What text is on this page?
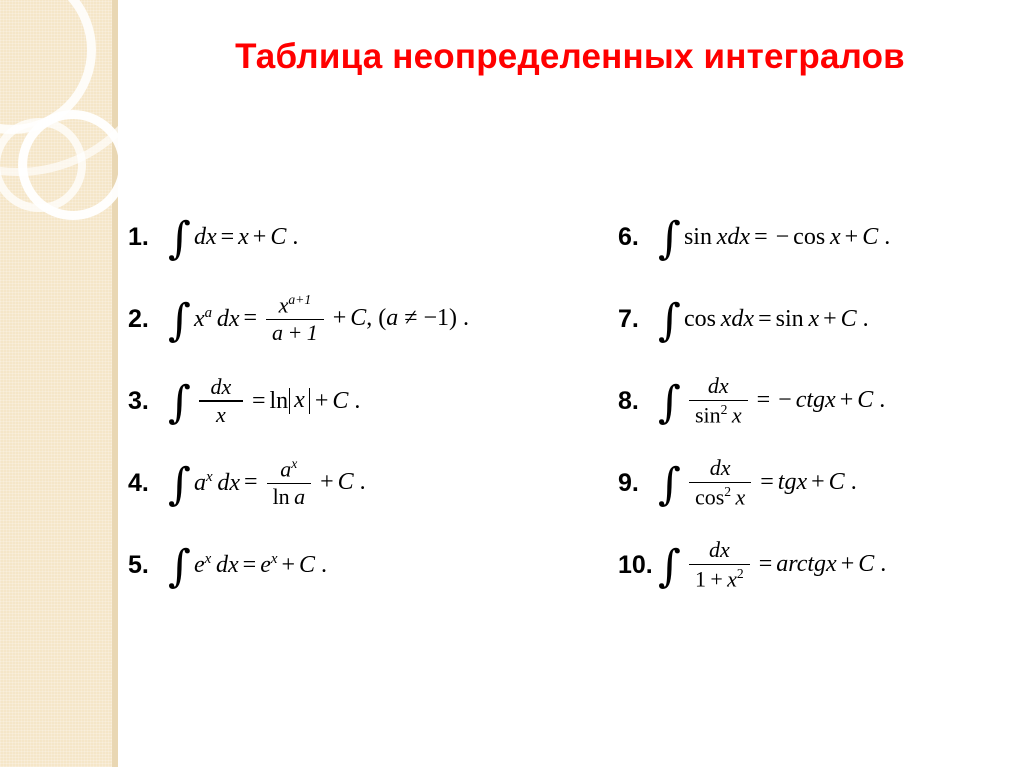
Таблица неопределенных интегралов
1. ∫ dx = x + C .
2. ∫ $x^a$ dx = $\frac{x^{a+1}}{a + 1} + C$ , (a ≠ −1) .
3. ∫ $\frac{dx}{x} = \ln x + C$ .
4. ∫ $a^x$ dx = $\frac{a^x}{\text{ln  a}} + C$ .
5. ∫ $e^x$ dx = $e^x + C$ .
6. ∫ sin  xdx = − cos  x + C .
7. ∫ cos  xdx = sin  x + C .
8. ∫ $\frac{dx}{\sin^2 x}$ = − ctgx + C .
9. ∫ $\frac{dx}{\cos^2 x}$ = tgx + C .
10. ∫ $\frac{dx}{1 + x^2}$ = arctgx + C .
